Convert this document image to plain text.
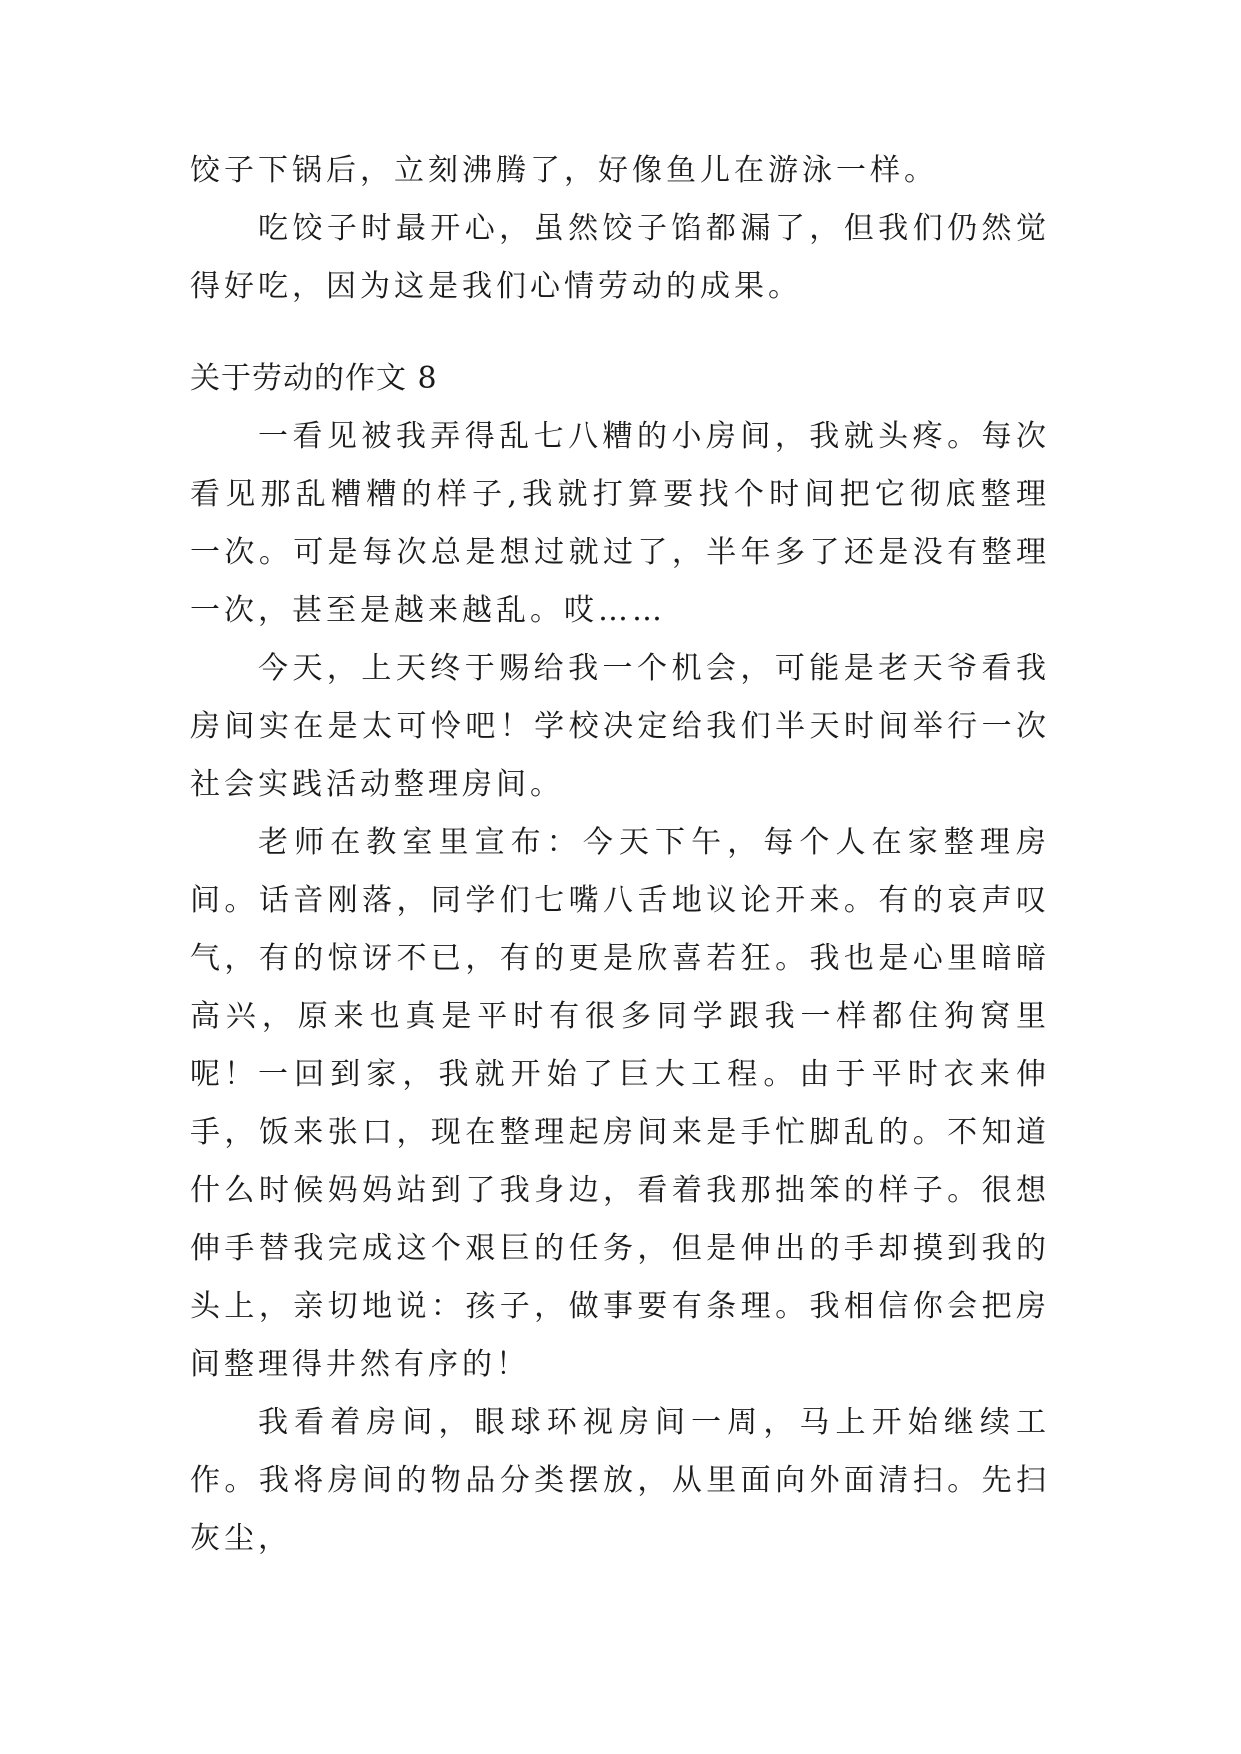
饺子下锅后，立刻沸腾了，好像鱼儿在游泳一样。

吃饺子时最开心，虽然饺子馅都漏了，但我们仍然觉得好吃，因为这是我们心情劳动的成果。

关于劳动的作文 8

一看见被我弄得乱七八糟的小房间，我就头疼。每次看见那乱糟糟的样子,我就打算要找个时间把它彻底整理一次。可是每次总是想过就过了，半年多了还是没有整理一次，甚至是越来越乱。哎……

今天，上天终于赐给我一个机会，可能是老天爷看我房间实在是太可怜吧！学校决定给我们半天时间举行一次社会实践活动整理房间。

老师在教室里宣布：今天下午，每个人在家整理房间。话音刚落，同学们七嘴八舌地议论开来。有的哀声叹气，有的惊讶不已，有的更是欣喜若狂。我也是心里暗暗高兴，原来也真是平时有很多同学跟我一样都住狗窝里呢！ 一回到家，我就开始了巨大工程。由于平时衣来伸手，饭来张口，现在整理起房间来是手忙脚乱的。不知道什么时候妈妈站到了我身边，看着我那拙笨的样子。很想伸手替我完成这个艰巨的任务，但是伸出的手却摸到我的头上，亲切地说：孩子，做事要有条理。我相信你会把房间整理得井然有序的！

我看着房间，眼球环视房间一周，马上开始继续工作。我将房间的物品分类摆放，从里面向外面清扫。先扫灰尘，
